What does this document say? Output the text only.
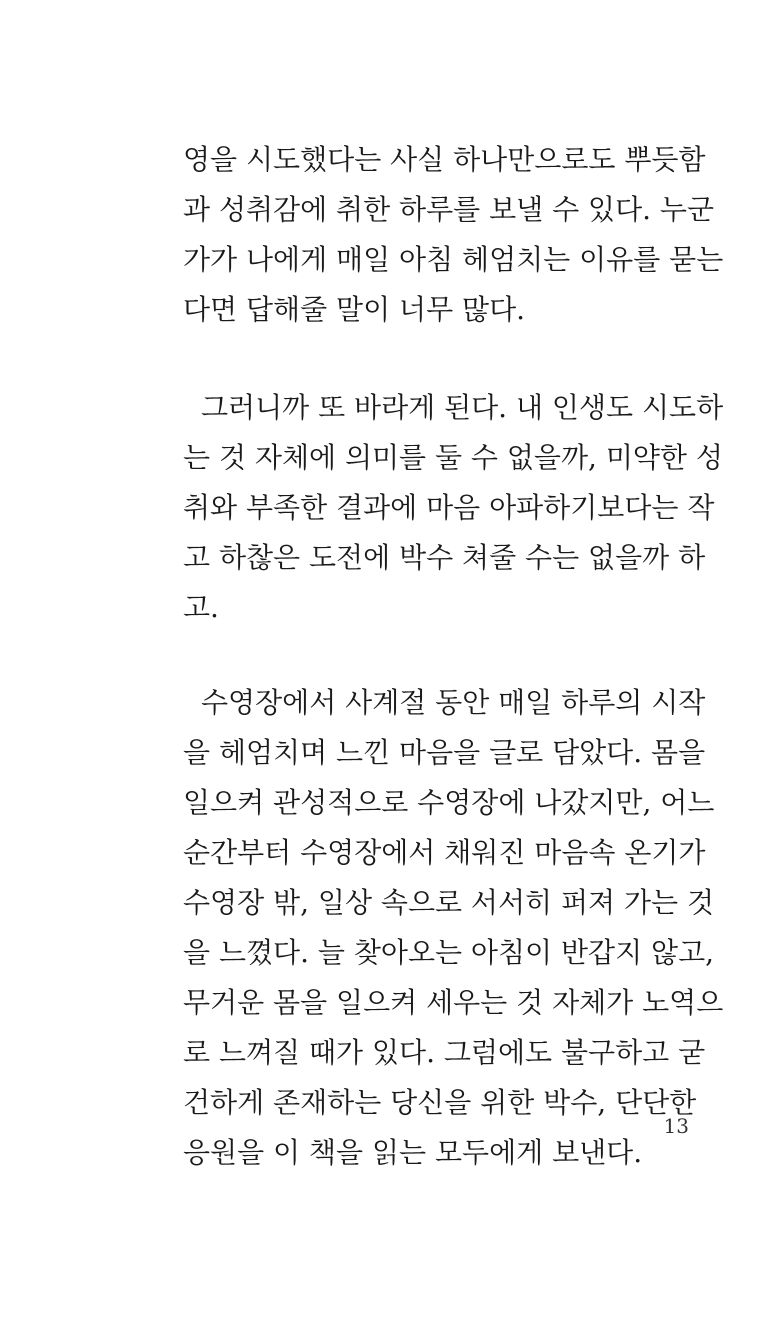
영을 시도했다는 사실 하나만으로도 뿌듯함
과 성취감에 취한 하루를 보낼 수 있다. 누군
가가 나에게 매일 아침 헤엄치는 이유를 묻는
다면 답해줄 말이 너무 많다.
그러니까 또 바라게 된다. 내 인생도 시도하
는 것 자체에 의미를 둘 수 없을까, 미약한 성
취와 부족한 결과에 마음 아파하기보다는 작
고 하찮은 도전에 박수 쳐줄 수는 없을까 하
고.
수영장에서 사계절 동안 매일 하루의 시작
을 헤엄치며 느낀 마음을 글로 담았다. 몸을
일으켜 관성적으로 수영장에 나갔지만, 어느
순간부터 수영장에서 채워진 마음속 온기가
수영장 밖, 일상 속으로 서서히 퍼져 가는 것
을 느꼈다. 늘 찾아오는 아침이 반갑지 않고,
무거운 몸을 일으켜 세우는 것 자체가 노역으
로 느껴질 때가 있다. 그럼에도 불구하고 굳
건하게 존재하는 당신을 위한 박수, 단단한
응원을 이 책을 읽는 모두에게 보낸다.
13
